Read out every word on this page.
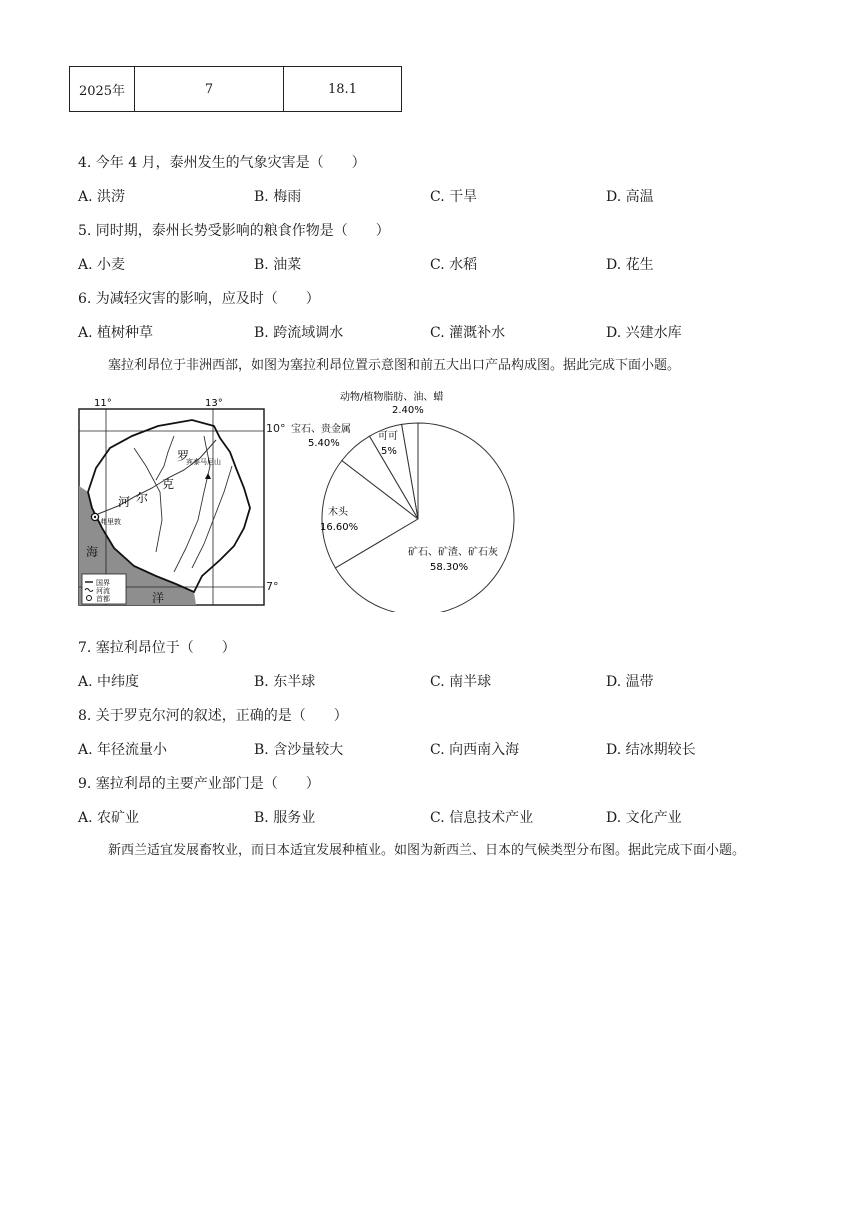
2025年	7	18.1
4. 今年 4 月，泰州发生的气象灾害是（　　）
A. 洪涝	B. 梅雨	C. 干旱	D. 高温
5. 同时期，泰州长势受影响的粮食作物是（　　）
A. 小麦	B. 油菜	C. 水稻	D. 花生
6. 为减轻灾害的影响，应及时（　　）
A. 植树种草	B. 跨流域调水	C. 灌溉补水	D. 兴建水库
塞拉利昂位于非洲西部，如图为塞拉利昂位置示意图和前五大出口产品构成图。据此完成下面小题。
11°	13°
罗
克
尔
河
宾泰马尼山
弗里敦
海
洋
国界
河流
首都
10°
7°
动物/植物脂肪、油、蜡
2.40%
可可
5%
宝石、贵金属
5.40%
木头
16.60%
矿石、矿渣、矿石灰
58.30%
7. 塞拉利昂位于（　　）
A. 中纬度	B. 东半球	C. 南半球	D. 温带
8. 关于罗克尔河的叙述，正确的是（　　）
A. 年径流量小	B. 含沙量较大	C. 向西南入海	D. 结冰期较长
9. 塞拉利昂的主要产业部门是（　　）
A. 农矿业	B. 服务业	C. 信息技术产业	D. 文化产业
新西兰适宜发展畜牧业，而日本适宜发展种植业。如图为新西兰、日本的气候类型分布图。据此完成下面小题。
